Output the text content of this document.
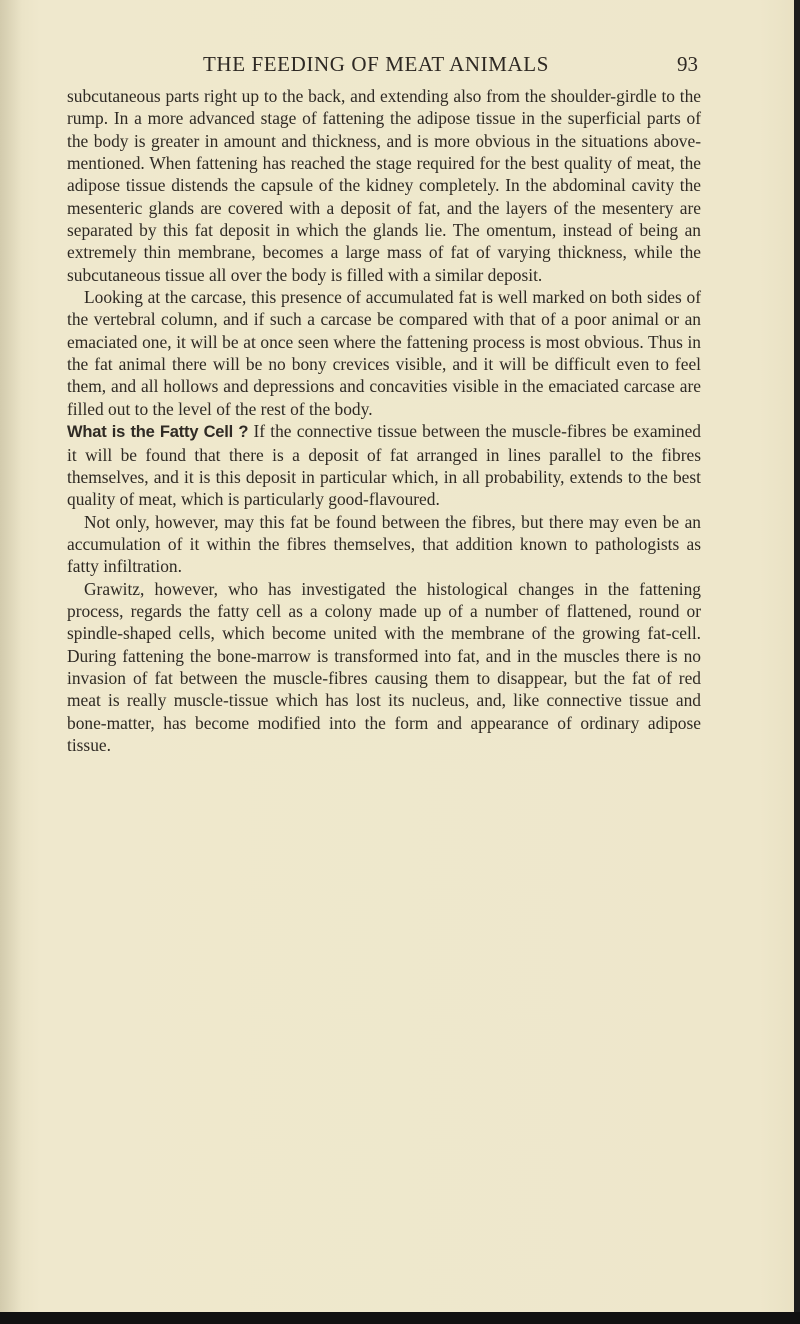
THE FEEDING OF MEAT ANIMALS	93

subcutaneous parts right up to the back, and extending also from the shoulder-girdle to the rump. In a more advanced stage of fattening the adipose tissue in the superficial parts of the body is greater in amount and thickness, and is more obvious in the situations above-mentioned. When fattening has reached the stage required for the best quality of meat, the adipose tissue distends the capsule of the kidney completely. In the abdominal cavity the mesenteric glands are covered with a deposit of fat, and the layers of the mesentery are separated by this fat deposit in which the glands lie. The omentum, instead of being an extremely thin membrane, becomes a large mass of fat of varying thickness, while the subcutaneous tissue all over the body is filled with a similar deposit.

Looking at the carcase, this presence of accumulated fat is well marked on both sides of the vertebral column, and if such a carcase be compared with that of a poor animal or an emaciated one, it will be at once seen where the fattening process is most obvious. Thus in the fat animal there will be no bony crevices visible, and it will be difficult even to feel them, and all hollows and depressions and concavities visible in the emaciated carcase are filled out to the level of the rest of the body.

What is the Fatty Cell ? If the connective tissue between the muscle-fibres be examined it will be found that there is a deposit of fat arranged in lines parallel to the fibres themselves, and it is this deposit in particular which, in all probability, extends to the best quality of meat, which is particularly good-flavoured.

Not only, however, may this fat be found between the fibres, but there may even be an accumulation of it within the fibres themselves, that addition known to pathologists as fatty infiltration.

Grawitz, however, who has investigated the histological changes in the fattening process, regards the fatty cell as a colony made up of a number of flattened, round or spindle-shaped cells, which become united with the membrane of the growing fat-cell. During fattening the bone-marrow is transformed into fat, and in the muscles there is no invasion of fat between the muscle-fibres causing them to disappear, but the fat of red meat is really muscle-tissue which has lost its nucleus, and, like connective tissue and bone-matter, has become modified into the form and appearance of ordinary adipose tissue.
